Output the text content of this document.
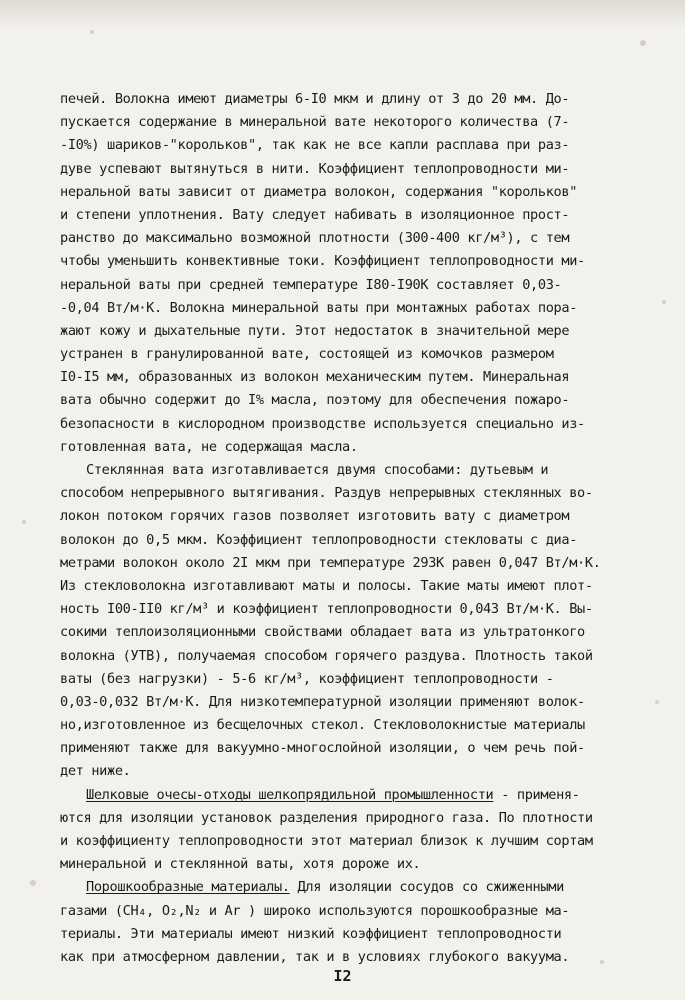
печей. Волокна имеют диаметры 6-I0 мкм и длину от 3 до 20 мм. До-
пускается содержание в минеральной вате некоторого количества (7-
-I0%) шариков-"корольков", так как не все капли расплава при раз-
дуве успевают вытянуться в нити. Коэффициент теплопроводности ми-
неральной ваты зависит от диаметра волокон, содержания "корольков"
и степени уплотнения. Вату следует набивать в изоляционное прост-
ранство до максимально возможной плотности (300-400 кг/м³), с тем
чтобы уменьшить конвективные токи. Коэффициент теплопроводности ми-
неральной ваты при средней температуре I80-I90К составляет 0,03-
-0,04 Вт/м·К. Волокна минеральной ваты при монтажных работах пора-
жают кожу и дыхательные пути. Этот недостаток в значительной мере
устранен в гранулированной вате, состоящей из комочков размером
I0-I5 мм, образованных из волокон механическим путем. Минеральная
вата обычно содержит до I% масла, поэтому для обеспечения пожаро-
безопасности в кислородном производстве используется специально из-
готовленная вата, не содержащая масла.
Стеклянная вата изготавливается двумя способами: дутьевым и
способом непрерывного вытягивания. Раздув непрерывных стеклянных во-
локон потоком горячих газов позволяет изготовить вату с диаметром
волокон до 0,5 мкм. Коэффициент теплопроводности стекловаты с диа-
метрами волокон около 2I мкм при температуре 293К равен 0,047 Вт/м·К.
Из стекловолокна изготавливают маты и полосы. Такие маты имеют плот-
ность I00-II0 кг/м³ и коэффициент теплопроводности 0,043 Вт/м·К. Вы-
сокими теплоизоляционными свойствами обладает вата из ультратонкого
волокна (УТВ), получаемая способом горячего раздува. Плотность такой
ваты (без нагрузки) - 5-6 кг/м³, коэффициент теплопроводности -
0,03-0,032 Вт/м·К. Для низкотемпературной изоляции применяют волок-
но,изготовленное из бесщелочных стекол. Стекловолокнистые материалы
применяют также для вакуумно-многослойной изоляции, о чем речь пой-
дет ниже.
Шелковые очесы-отходы шелкопрядильной промышленности - применя-
ются для изоляции установок разделения природного газа. По плотности
и коэффициенту теплопроводности этот материал близок к лучшим сортам
минеральной и стеклянной ваты, хотя дороже их.
Порошкообразные материалы. Для изоляции сосудов со сжиженными
газами (CH₄, O₂,N₂ и Ar ) широко используются порошкообразные ма-
териалы. Эти материалы имеют низкий коэффициент теплопроводности
как при атмосферном давлении, так и в условиях глубокого вакуума.
I2
